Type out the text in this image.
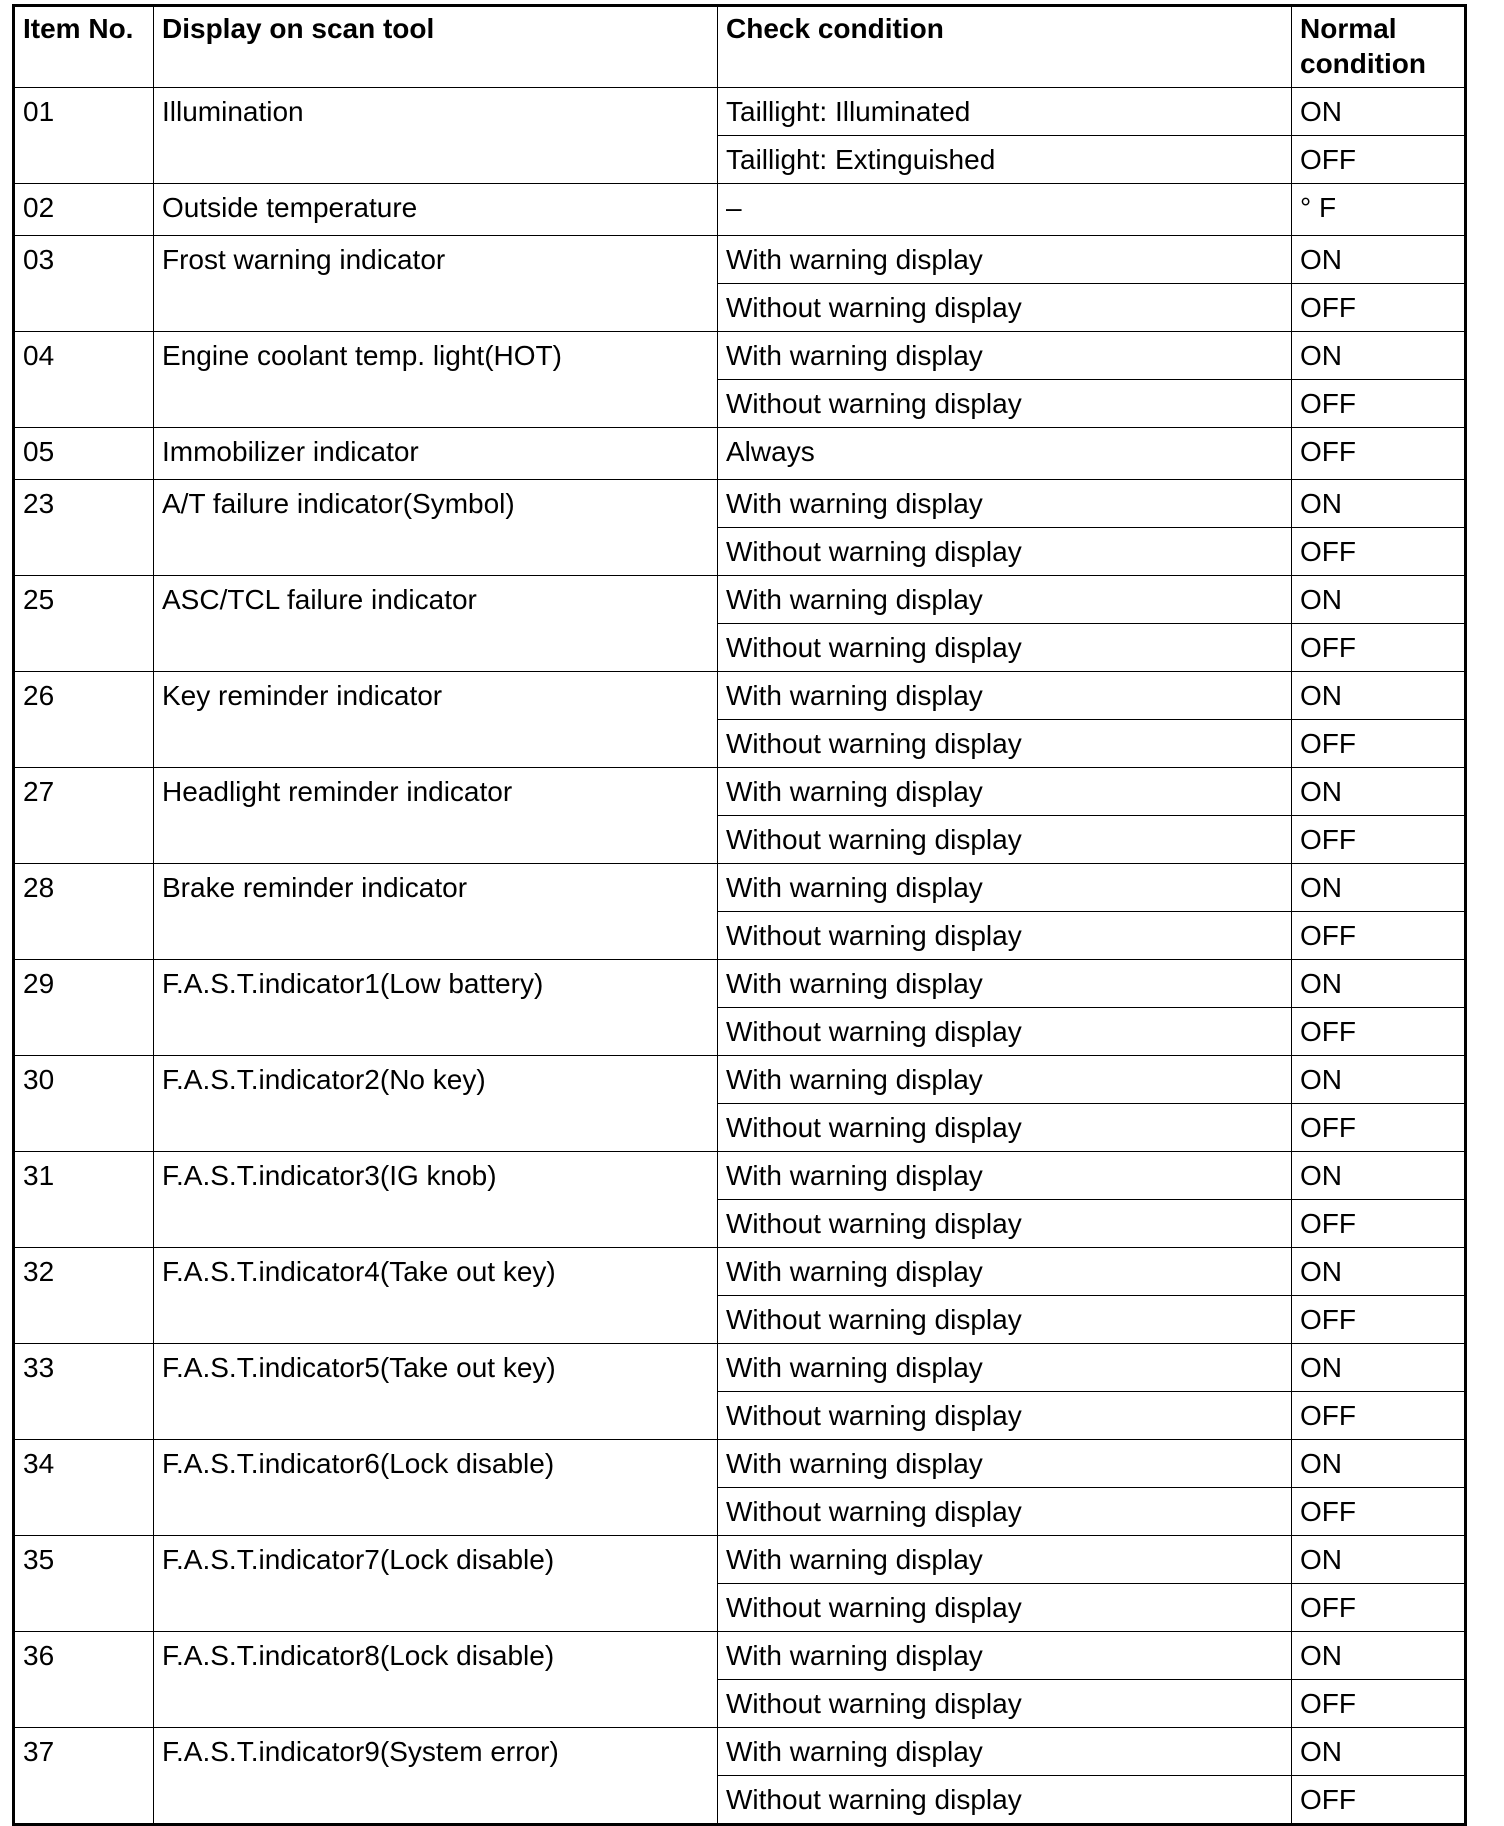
Item No.	Display on scan tool	Check condition	Normal condition
01	Illumination	Taillight: Illuminated	ON
		Taillight: Extinguished	OFF
02	Outside temperature	–	° F
03	Frost warning indicator	With warning display	ON
		Without warning display	OFF
04	Engine coolant temp. light(HOT)	With warning display	ON
		Without warning display	OFF
05	Immobilizer indicator	Always	OFF
23	A/T failure indicator(Symbol)	With warning display	ON
		Without warning display	OFF
25	ASC/TCL failure indicator	With warning display	ON
		Without warning display	OFF
26	Key reminder indicator	With warning display	ON
		Without warning display	OFF
27	Headlight reminder indicator	With warning display	ON
		Without warning display	OFF
28	Brake reminder indicator	With warning display	ON
		Without warning display	OFF
29	F.A.S.T.indicator1(Low battery)	With warning display	ON
		Without warning display	OFF
30	F.A.S.T.indicator2(No key)	With warning display	ON
		Without warning display	OFF
31	F.A.S.T.indicator3(IG knob)	With warning display	ON
		Without warning display	OFF
32	F.A.S.T.indicator4(Take out key)	With warning display	ON
		Without warning display	OFF
33	F.A.S.T.indicator5(Take out key)	With warning display	ON
		Without warning display	OFF
34	F.A.S.T.indicator6(Lock disable)	With warning display	ON
		Without warning display	OFF
35	F.A.S.T.indicator7(Lock disable)	With warning display	ON
		Without warning display	OFF
36	F.A.S.T.indicator8(Lock disable)	With warning display	ON
		Without warning display	OFF
37	F.A.S.T.indicator9(System error)	With warning display	ON
		Without warning display	OFF
